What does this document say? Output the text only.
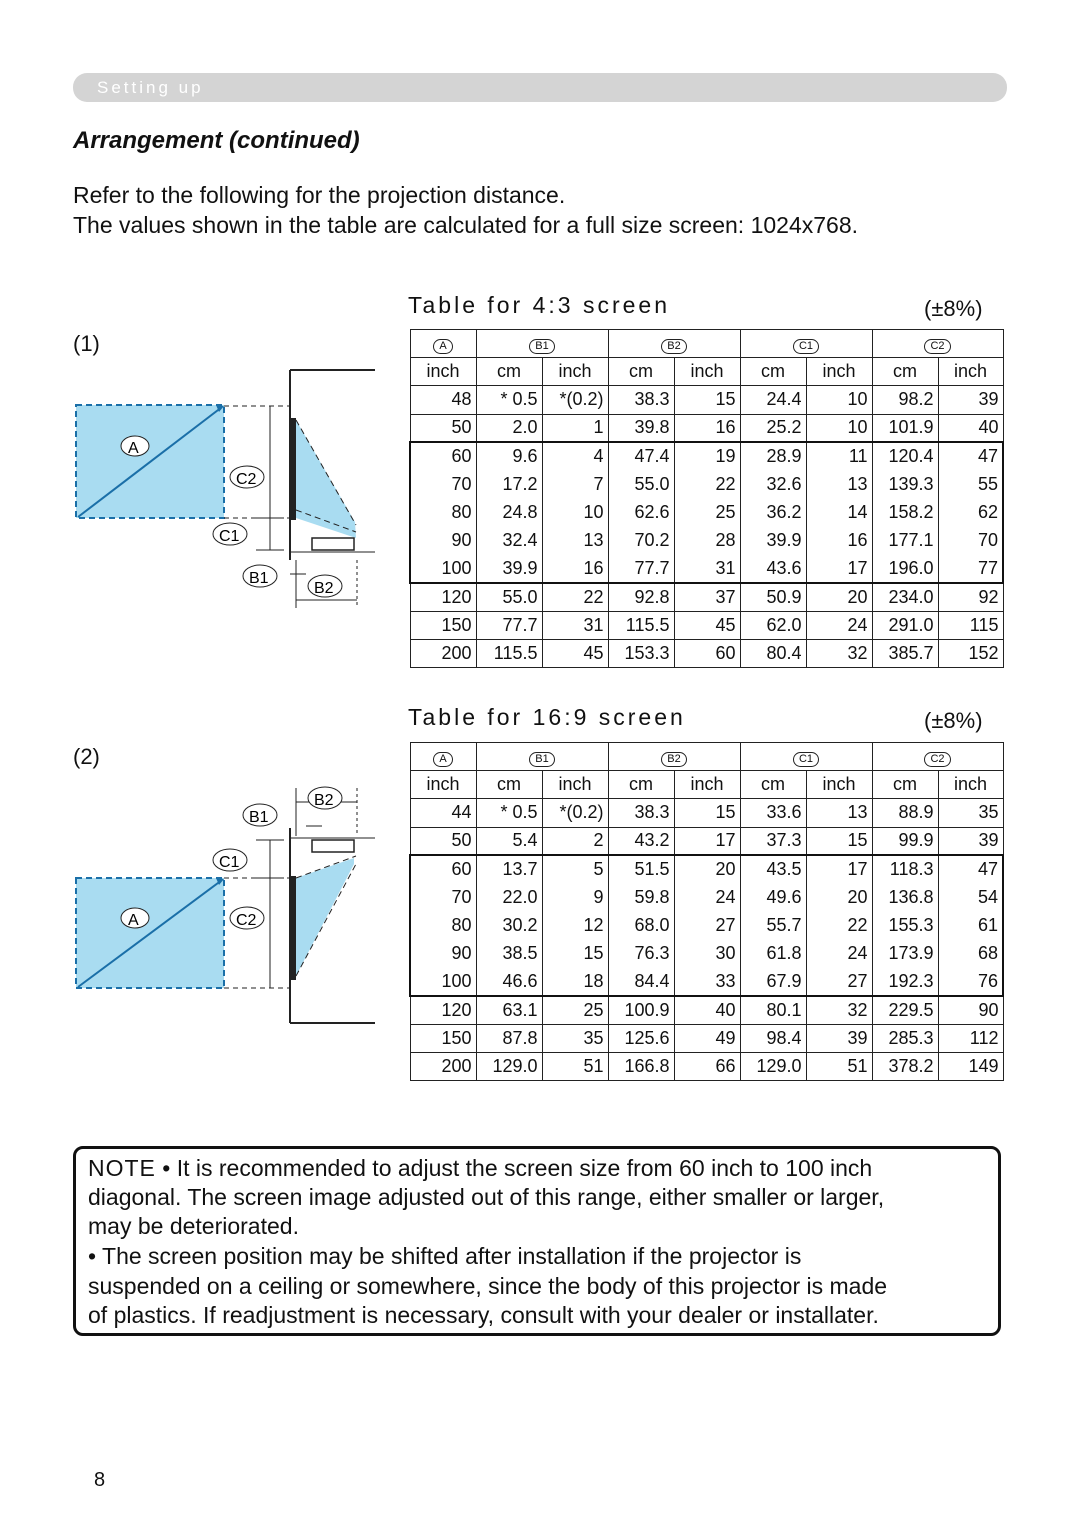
Setting up
Arrangement (continued)
Refer to the following for the projection distance.
The values shown in the table are calculated for a full size screen: 1024x768.
(1)
A
C2
C1
B1
B2
(2)
A	C2
C1
B1
B2
Table for 4:3 screen	(±8%)
A	B1		B2		C1		C2	
inch	cm	inch	cm	inch	cm	inch	cm	inch
48	* 0.5	*(0.2)	38.3	15	24.4	10	98.2	39
50	2.0	1	39.8	16	25.2	10	101.9	40
60	9.6	4	47.4	19	28.9	11	120.4	47
70	17.2	7	55.0	22	32.6	13	139.3	55
80	24.8	10	62.6	25	36.2	14	158.2	62
90	32.4	13	70.2	28	39.9	16	177.1	70
100	39.9	16	77.7	31	43.6	17	196.0	77
120	55.0	22	92.8	37	50.9	20	234.0	92
150	77.7	31	115.5	45	62.0	24	291.0	115
200	115.5	45	153.3	60	80.4	32	385.7	152
Table for 16:9 screen	(±8%)
A	B1		B2		C1		C2	
inch	cm	inch	cm	inch	cm	inch	cm	inch
44	* 0.5	*(0.2)	38.3	15	33.6	13	88.9	35
50	5.4	2	43.2	17	37.3	15	99.9	39
60	13.7	5	51.5	20	43.5	17	118.3	47
70	22.0	9	59.8	24	49.6	20	136.8	54
80	30.2	12	68.0	27	55.7	22	155.3	61
90	38.5	15	76.3	30	61.8	24	173.9	68
100	46.6	18	84.4	33	67.9	27	192.3	76
120	63.1	25	100.9	40	80.1	32	229.5	90
150	87.8	35	125.6	49	98.4	39	285.3	112
200	129.0	51	166.8	66	129.0	51	378.2	149
NOTE • It is recommended to adjust the screen size from 60 inch to 100 inch
diagonal. The screen image adjusted out of this range, either smaller or larger,
may be deteriorated.
• The screen position may be shifted after installation if the projector is
suspended on a ceiling or somewhere, since the body of this projector is made
of plastics. If readjustment is necessary, consult with your dealer or installater.
8
